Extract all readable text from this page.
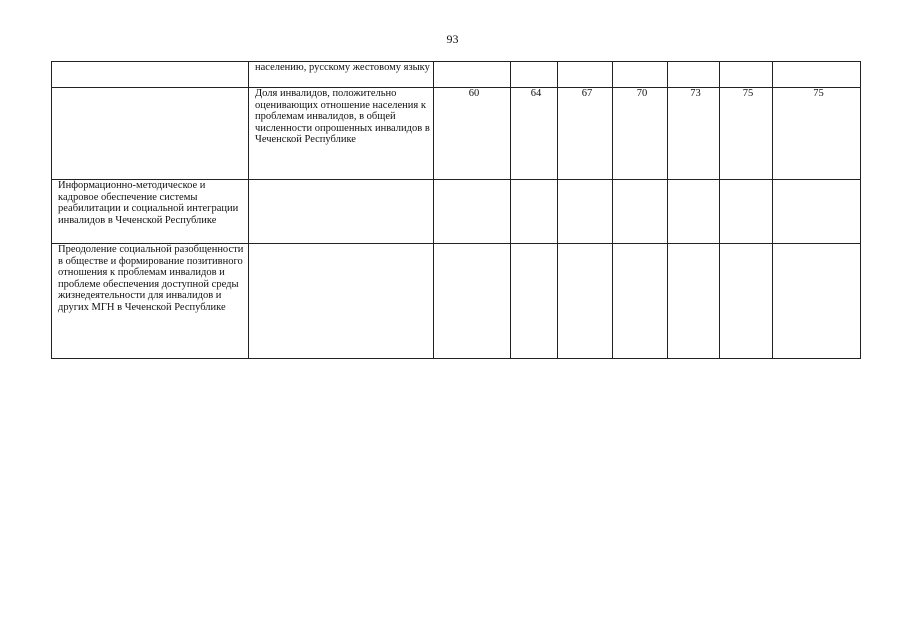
93
	населению, русскому жестовому языку							
	Доля инвалидов, положительно оценивающих отношение населения к проблемам инвалидов, в общей численности опрошенных инвалидов в Чеченской Республике	60	64	67	70	73	75	75
Информационно-методическое и кадровое обеспечение системы реабилитации и социальной интеграции инвалидов в Чеченской Республике								
Преодоление социальной разобщенности в обществе и формирование позитивного отношения к проблемам инвалидов и проблеме обеспечения доступной среды жизнедеятельности для инвалидов и других МГН в Чеченской Республике								
